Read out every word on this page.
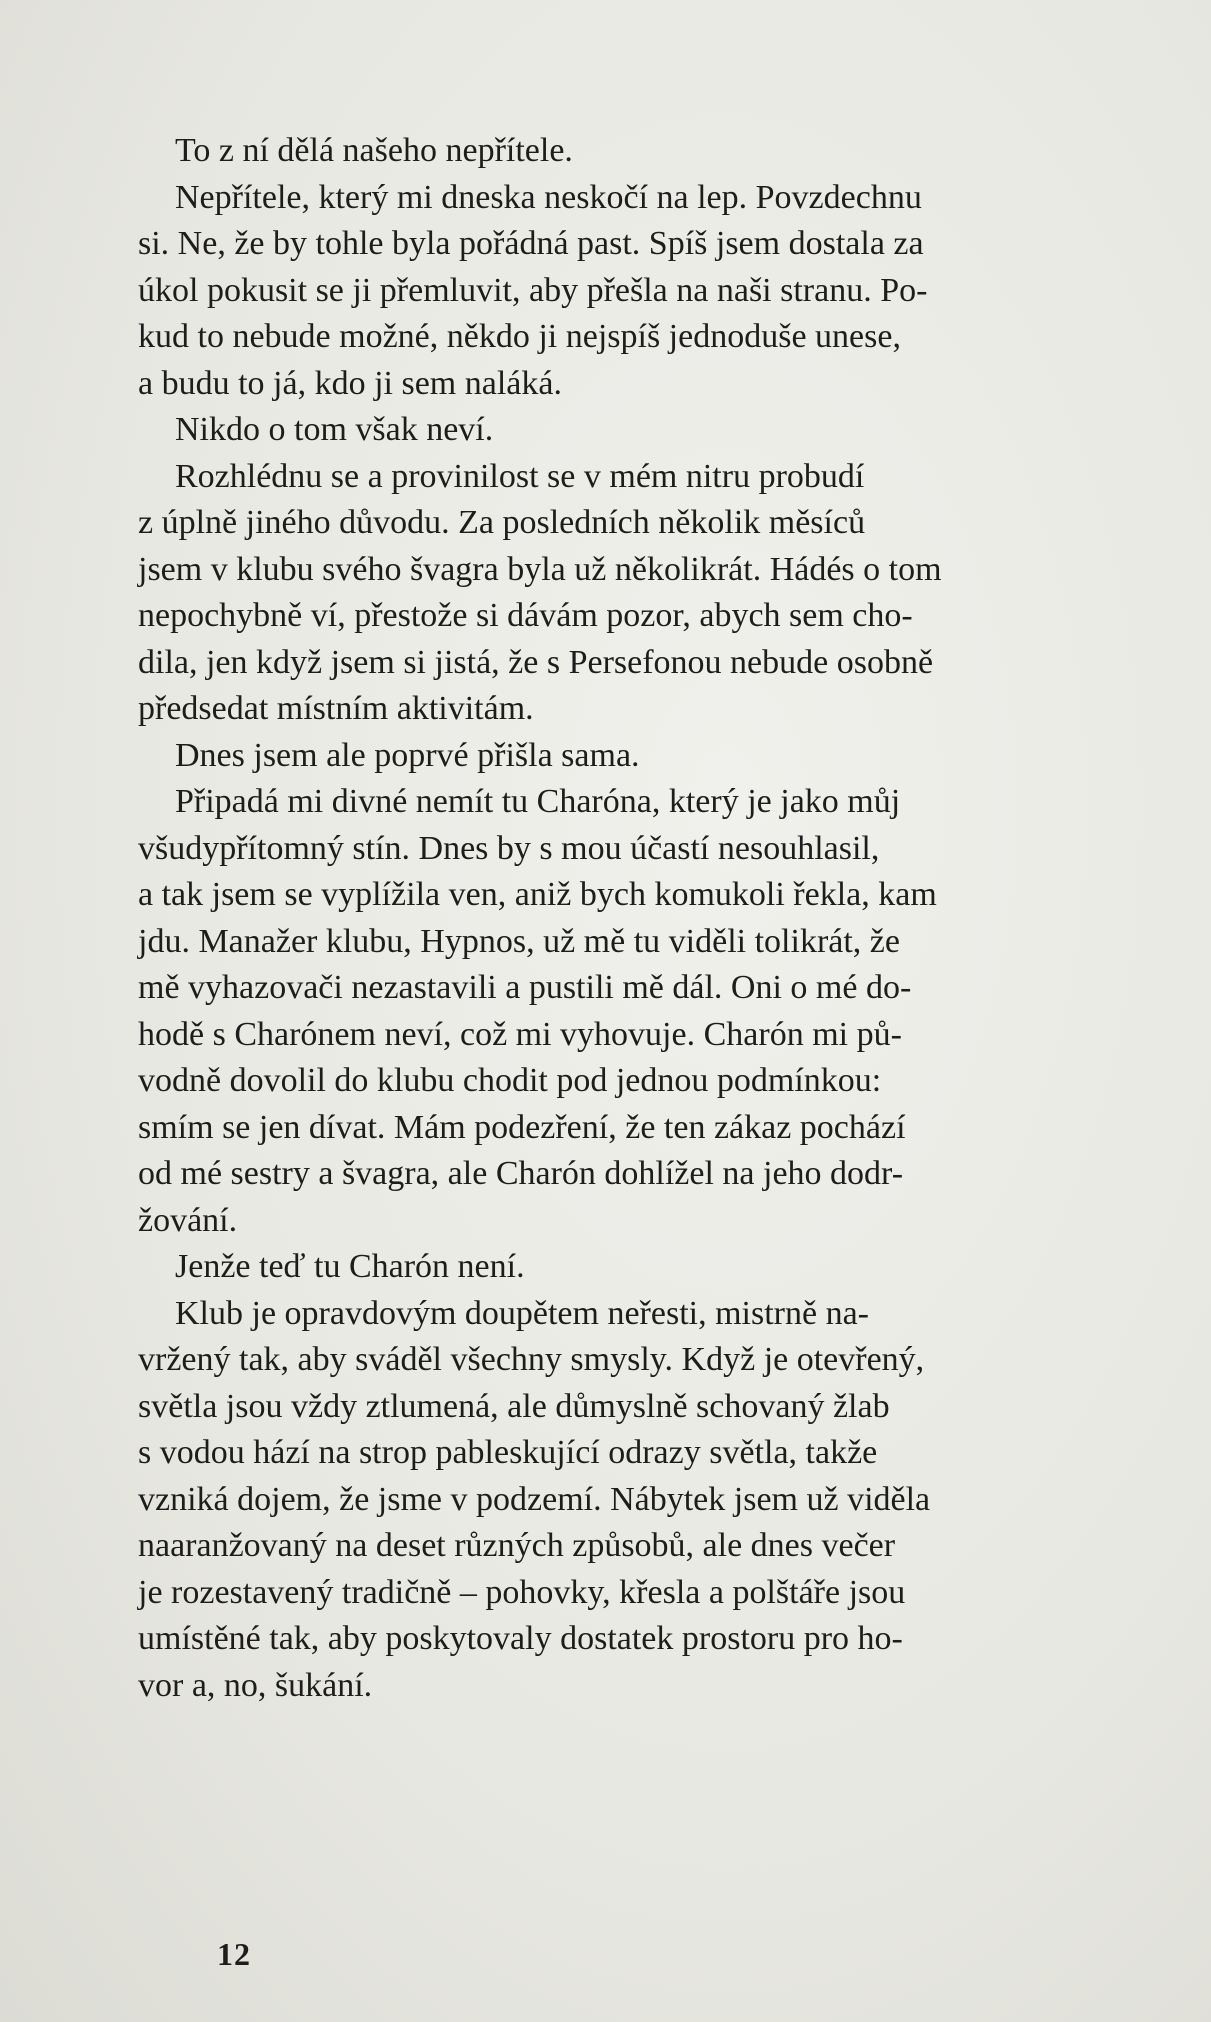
To z ní dělá našeho nepřítele.
Nepřítele, který mi dneska neskočí na lep. Povzdechnu
si. Ne, že by tohle byla pořádná past. Spíš jsem dostala za
úkol pokusit se ji přemluvit, aby přešla na naši stranu. Po-
kud to nebude možné, někdo ji nejspíš jednoduše unese,
a budu to já, kdo ji sem naláká.
Nikdo o tom však neví.
Rozhlédnu se a provinilost se v mém nitru probudí
z úplně jiného důvodu. Za posledních několik měsíců
jsem v klubu svého švagra byla už několikrát. Hádés o tom
nepochybně ví, přestože si dávám pozor, abych sem cho-
dila, jen když jsem si jistá, že s Persefonou nebude osobně
předsedat místním aktivitám.
Dnes jsem ale poprvé přišla sama.
Připadá mi divné nemít tu Charóna, který je jako můj
všudypřítomný stín. Dnes by s mou účastí nesouhlasil,
a tak jsem se vyplížila ven, aniž bych komukoli řekla, kam
jdu. Manažer klubu, Hypnos, už mě tu viděli tolikrát, že
mě vyhazovači nezastavili a pustili mě dál. Oni o mé do-
hodě s Charónem neví, což mi vyhovuje. Charón mi pů-
vodně dovolil do klubu chodit pod jednou podmínkou:
smím se jen dívat. Mám podezření, že ten zákaz pochází
od mé sestry a švagra, ale Charón dohlížel na jeho dodr-
žování.
Jenže teď tu Charón není.
Klub je opravdovým doupětem neřesti, mistrně na-
vržený tak, aby sváděl všechny smysly. Když je otevřený,
světla jsou vždy ztlumená, ale důmyslně schovaný žlab
s vodou hází na strop pableskující odrazy světla, takže
vzniká dojem, že jsme v podzemí. Nábytek jsem už viděla
naaranžovaný na deset různých způsobů, ale dnes večer
je rozestavený tradičně – pohovky, křesla a polštáře jsou
umístěné tak, aby poskytovaly dostatek prostoru pro ho-
vor a, no, šukání.
12
